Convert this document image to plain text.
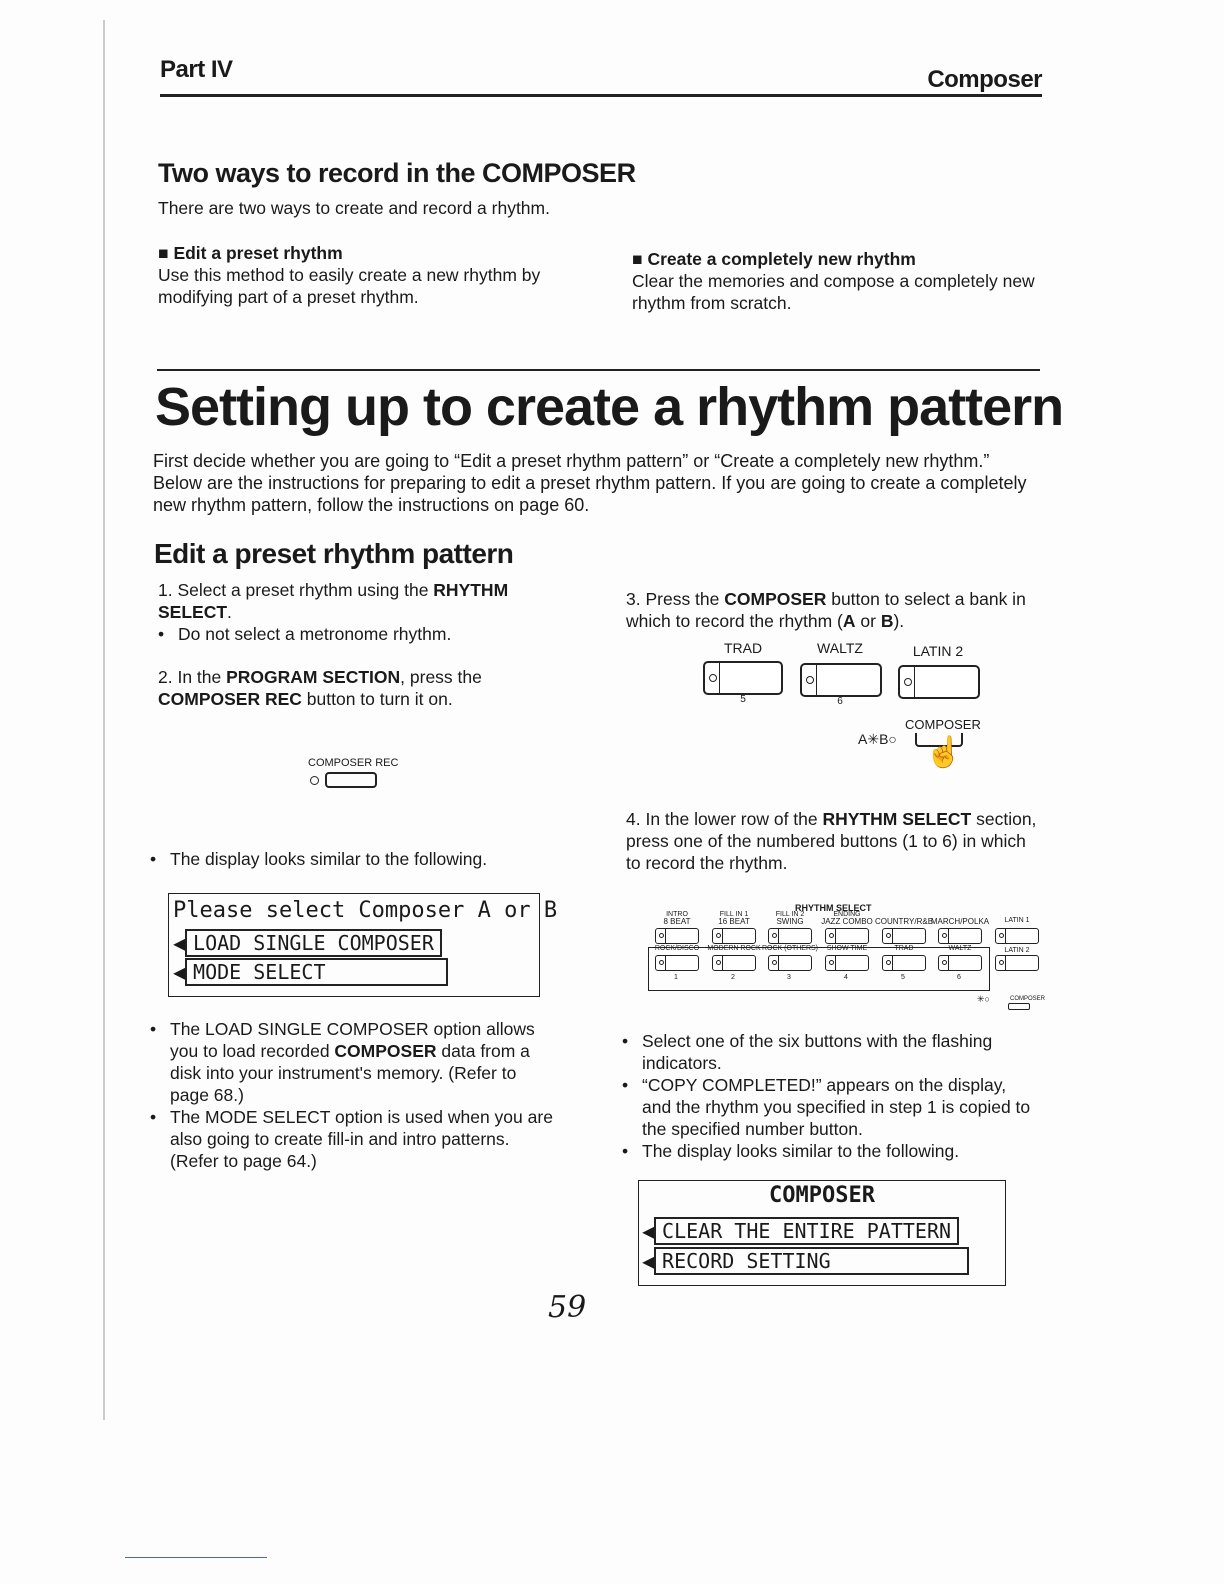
Part IV	Composer
Two ways to record in the COMPOSER
There are two ways to create and record a rhythm.
■ Edit a preset rhythm
Use this method to easily create a new rhythm by modifying part of a preset rhythm.
■ Create a completely new rhythm
Clear the memories and compose a completely new rhythm from scratch.
Setting up to create a rhythm pattern
First decide whether you are going to “Edit a preset rhythm pattern” or “Create a completely new rhythm.” Below are the instructions for preparing to edit a preset rhythm pattern. If you are going to create a completely new rhythm pattern, follow the instructions on page 60.
Edit a preset rhythm pattern
1. Select a preset rhythm using the RHYTHM SELECT.
• Do not select a metronome rhythm.
2. In the PROGRAM SECTION, press the COMPOSER REC button to turn it on.
COMPOSER REC
• The display looks similar to the following.
Please select Composer A or B
◀ LOAD SINGLE COMPOSER
◀ MODE SELECT
• The LOAD SINGLE COMPOSER option allows you to load recorded COMPOSER data from a disk into your instrument's memory. (Refer to page 68.)
• The MODE SELECT option is used when you are also going to create fill-in and intro patterns. (Refer to page 64.)
3. Press the COMPOSER button to select a bank in which to record the rhythm (A or B).
TRAD
5
WALTZ
6
LATIN 2
COMPOSER
A✳B○ ☝
4. In the lower row of the RHYTHM SELECT section, press one of the numbered buttons (1 to 6) in which to record the rhythm.
RHYTHM SELECT
INTRO
8 BEAT
FILL IN 1
16 BEAT
FILL IN 2
SWING
ENDING
JAZZ COMBO COUNTRY/R&B
MARCH/POLKA	LATIN 1
ROCK/DISCO
1
MODERN ROCK
2
ROCK (OTHERS)
3
SHOW TIME
4
TRAD
5
WALTZ
6
LATIN 2
COMPOSER
✳○
• Select one of the six buttons with the flashing indicators.
• “COPY COMPLETED!” appears on the display, and the rhythm you specified in step 1 is copied to the specified number button.
• The display looks similar to the following.
COMPOSER
◀ CLEAR THE ENTIRE PATTERN
◀ RECORD SETTING
59
